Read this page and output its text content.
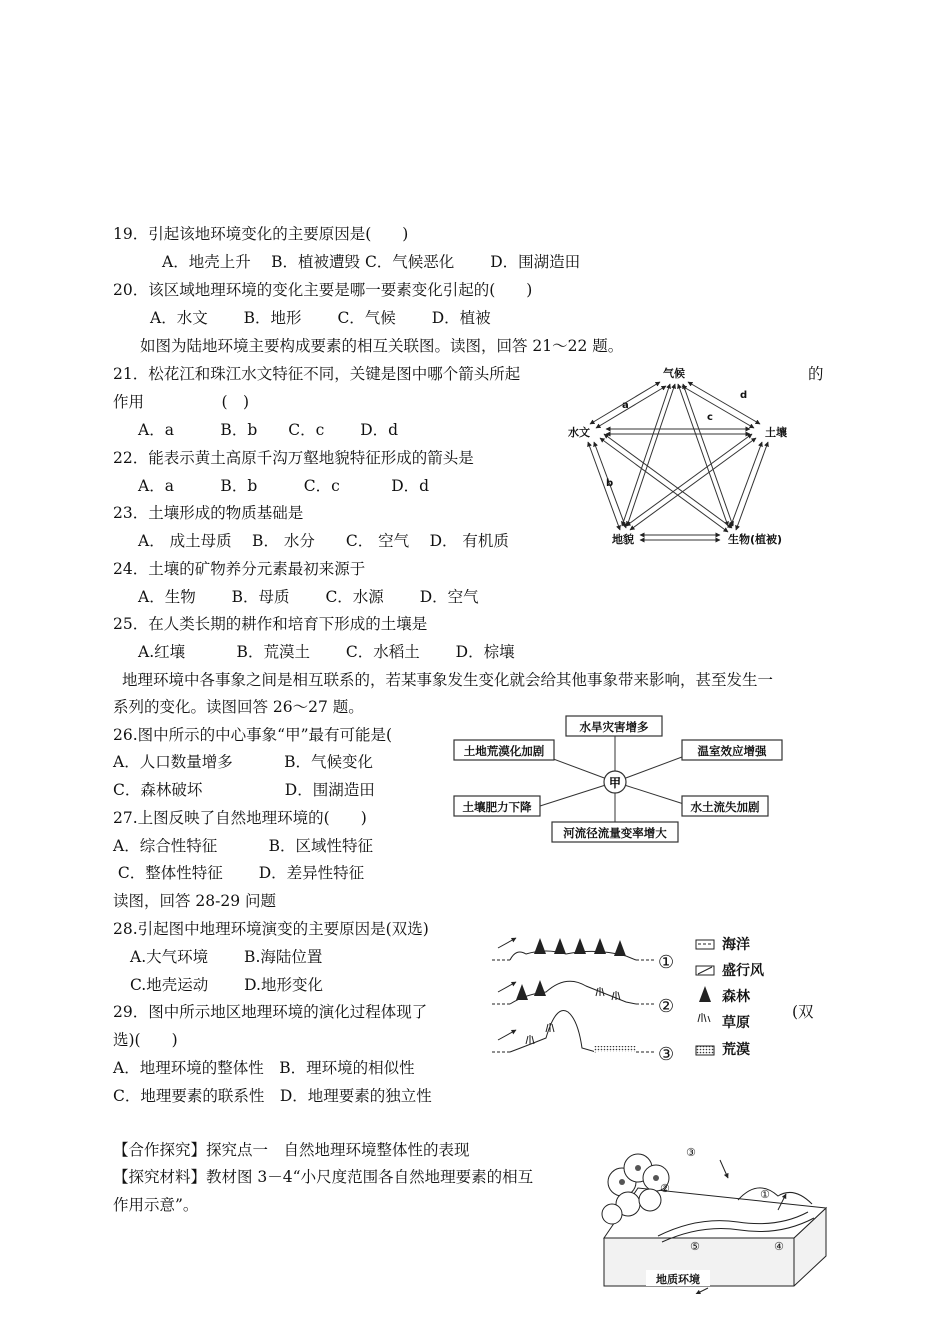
19．引起该地环境变化的主要原因是(　　)
A．地壳上升　 B．植被遭毁 C．气候恶化　　 D．围湖造田
20．该区域地理环境的变化主要是哪一要素变化引起的(　　)
A．水文　　 B．地形　　 C．气候　　 D．植被
如图为陆地环境主要构成要素的相互关联图。读图，回答 21～22 题。
21．松花江和珠江水文特征不同，关键是图中哪个箭头所起	的
作用　　　　　(　)
A．a　　　B．b　　C．c　　 D．d
22．能表示黄土高原千沟万壑地貌特征形成的箭头是
A．a　　　B．b　　　C．c　　　 D．d
23．土壤形成的物质基础是
A． 成土母质　 B． 水分　　C． 空气　 D． 有机质
24．土壤的矿物养分元素最初来源于
A．生物　　 B．母质　　 C．水源　　 D．空气
25．在人类长期的耕作和培育下形成的土壤是
A.红壤　　　 B．荒漠土　　 C．水稻土　　 D．棕壤
地理环境中各事象之间是相互联系的，若某事象发生变化就会给其他事象带来影响，甚至发生一
系列的变化。读图回答 26～27 题。
26.图中所示的中心事象“甲”最有可能是(
A．人口数量增多　　　 B．气候变化
C．森林破坏　　　　　 D．围湖造田
27.上图反映了自然地理环境的(　　)
A．综合性特征　　　 B．区域性特征
C．整体性特征　　 D．差异性特征
读图，回答 28-29 问题
28.引起图中地理环境演变的主要原因是(双选)
A.大气环境　　 B.海陆位置
C.地壳运动　　 D.地形变化
29．图中所示地区地理环境的演化过程体现了	(双
选)(　　)
A．地理环境的整体性　B．理环境的相似性
C．地理要素的联系性　D．地理要素的独立性
【合作探究】探究点一　自然地理环境整体性的表现
【探究材料】教材图 3－4“小尺度范围各自然地理要素的相互
作用示意”。
气候
水文	土壤
地貌	生物(植被)
a
b
c
d
甲
水旱灾害增多
土地荒漠化加剧	温室效应增强
土壤肥力下降	水土流失加剧
河流径流量变率增大
①
②
③
海洋
盛行风
森林
草原
荒漠
地质环境
①
②
③
④
⑤
